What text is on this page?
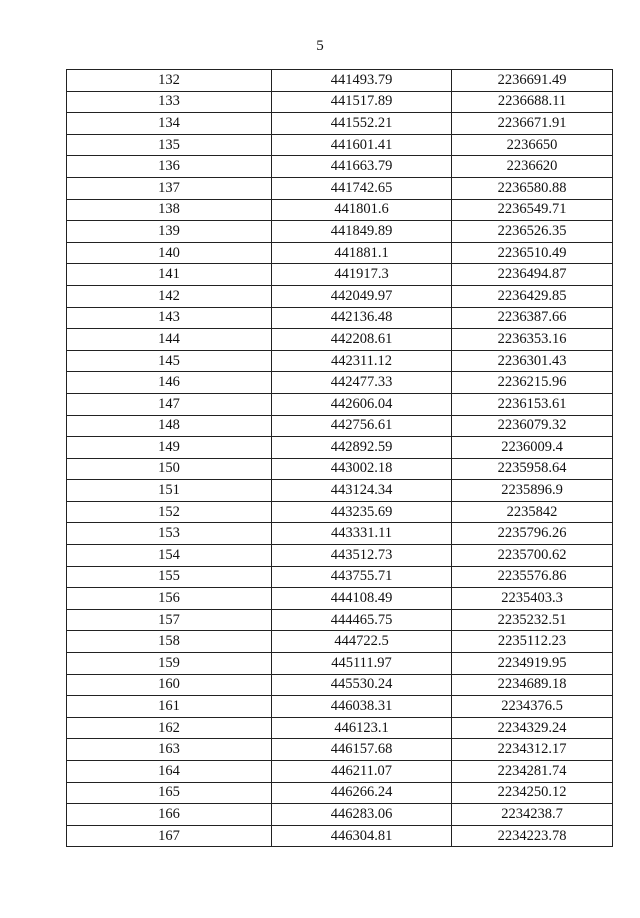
5
132	441493.79	2236691.49
133	441517.89	2236688.11
134	441552.21	2236671.91
135	441601.41	2236650
136	441663.79	2236620
137	441742.65	2236580.88
138	441801.6	2236549.71
139	441849.89	2236526.35
140	441881.1	2236510.49
141	441917.3	2236494.87
142	442049.97	2236429.85
143	442136.48	2236387.66
144	442208.61	2236353.16
145	442311.12	2236301.43
146	442477.33	2236215.96
147	442606.04	2236153.61
148	442756.61	2236079.32
149	442892.59	2236009.4
150	443002.18	2235958.64
151	443124.34	2235896.9
152	443235.69	2235842
153	443331.11	2235796.26
154	443512.73	2235700.62
155	443755.71	2235576.86
156	444108.49	2235403.3
157	444465.75	2235232.51
158	444722.5	2235112.23
159	445111.97	2234919.95
160	445530.24	2234689.18
161	446038.31	2234376.5
162	446123.1	2234329.24
163	446157.68	2234312.17
164	446211.07	2234281.74
165	446266.24	2234250.12
166	446283.06	2234238.7
167	446304.81	2234223.78
